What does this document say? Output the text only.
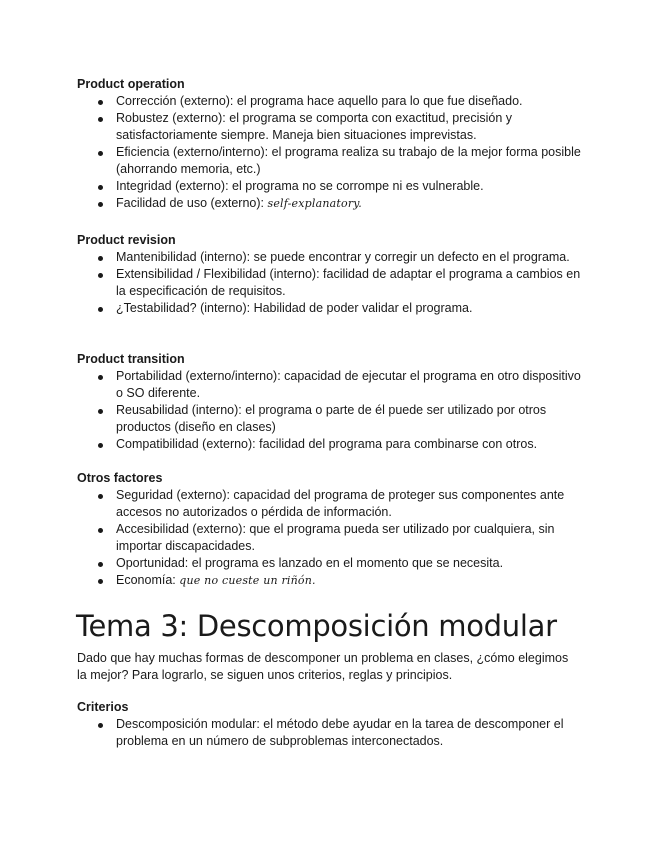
Product operation
Corrección (externo): el programa hace aquello para lo que fue diseñado.
Robustez (externo): el programa se comporta con exactitud, precisión y satisfactoriamente siempre. Maneja bien situaciones imprevistas.
Eficiencia (externo/interno): el programa realiza su trabajo de la mejor forma posible (ahorrando memoria, etc.)
Integridad (externo): el programa no se corrompe ni es vulnerable.
Facilidad de uso (externo): self-explanatory.
Product revision
Mantenibilidad (interno): se puede encontrar y corregir un defecto en el programa.
Extensibilidad / Flexibilidad (interno): facilidad de adaptar el programa a cambios en la especificación de requisitos.
¿Testabilidad? (interno): Habilidad de poder validar el programa.
Product transition
Portabilidad (externo/interno): capacidad de ejecutar el programa en otro dispositivo o SO diferente.
Reusabilidad (interno): el programa o parte de él puede ser utilizado por otros productos (diseño en clases)
Compatibilidad (externo): facilidad del programa para combinarse con otros.
Otros factores
Seguridad (externo): capacidad del programa de proteger sus componentes ante accesos no autorizados o pérdida de información.
Accesibilidad (externo): que el programa pueda ser utilizado por cualquiera, sin importar discapacidades.
Oportunidad: el programa es lanzado en el momento que se necesita.
Economía: que no cueste un riñón.
Tema 3: Descomposición modular

Dado que hay muchas formas de descomponer un problema en clases, ¿cómo elegimos la mejor? Para lograrlo, se siguen unos criterios, reglas y principios.

Criterios
Descomposición modular: el método debe ayudar en la tarea de descomponer el problema en un número de subproblemas interconectados.
